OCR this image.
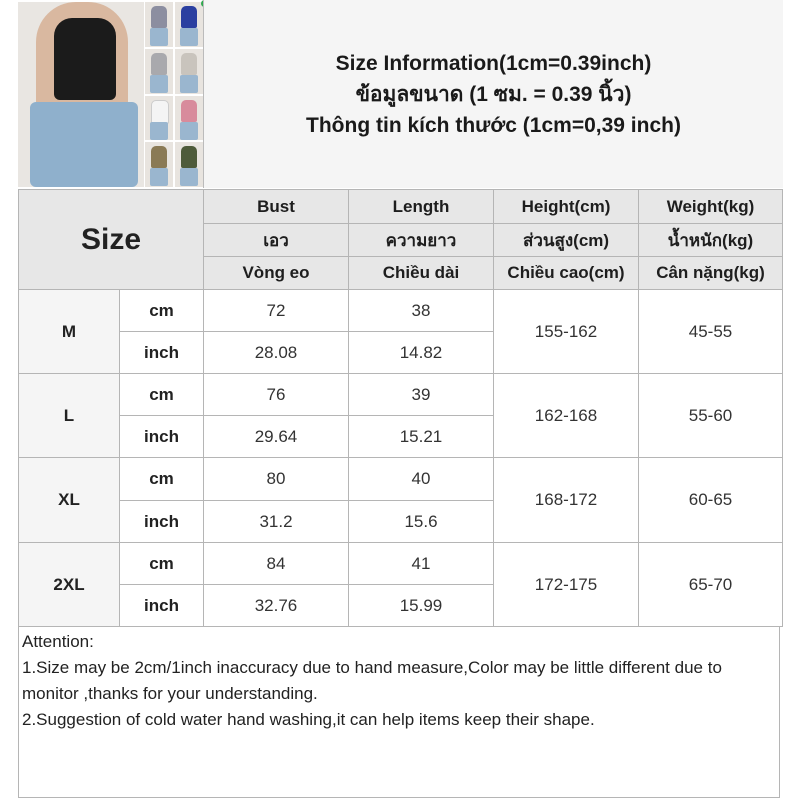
Size Information(1cm=0.39inch)
ข้อมูลขนาด (1 ซม. = 0.39 นิ้ว)
Thông tin kích thước (1cm=0,39 inch)
Size		Bust	Length	Height(cm)	Weight(kg)
		เอว	ความยาว	ส่วนสูง(cm)	น้ำหนัก(kg)
		Vòng eo	Chiều dài	Chiều cao(cm)	Cân nặng(kg)
M	cm	72	38	155-162	45-55
	inch	28.08	14.82		
L	cm	76	39	162-168	55-60
	inch	29.64	15.21		
XL	cm	80	40	168-172	60-65
	inch	31.2	15.6		
2XL	cm	84	41	172-175	65-70
	inch	32.76	15.99		

Attention:

1.Size may be 2cm/1inch inaccuracy due to hand measure,Color may be little different due to monitor ,thanks for your understanding.

2.Suggestion of cold water hand washing,it can help items keep their shape.
